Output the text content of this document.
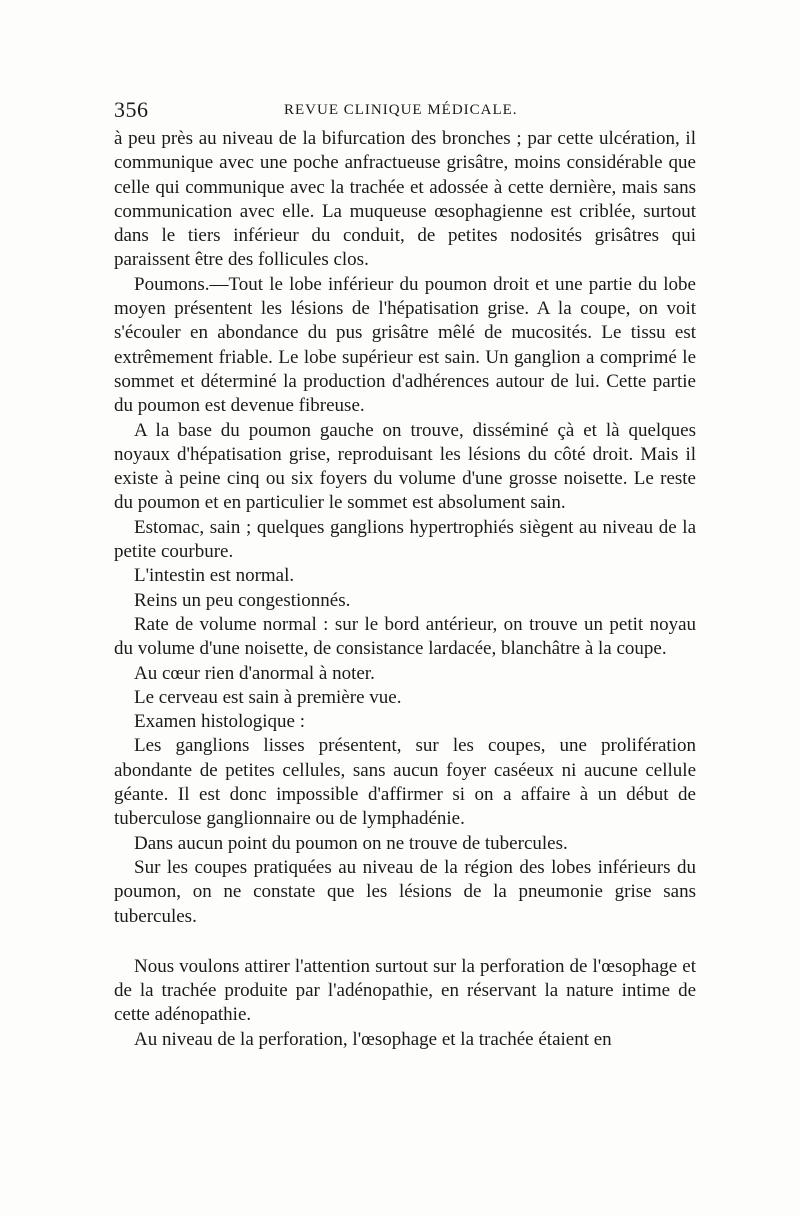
356	REVUE CLINIQUE MÉDICALE.

à peu près au niveau de la bifurcation des bronches ; par cette ulcération, il communique avec une poche anfractueuse grisâtre, moins considérable que celle qui communique avec la trachée et adossée à cette dernière, mais sans communication avec elle. La muqueuse œsophagienne est criblée, surtout dans le tiers inférieur du conduit, de petites nodosités grisâtres qui paraissent être des follicules clos.

Poumons.—Tout le lobe inférieur du poumon droit et une partie du lobe moyen présentent les lésions de l'hépatisation grise. A la coupe, on voit s'écouler en abondance du pus grisâtre mêlé de mucosités. Le tissu est extrêmement friable. Le lobe supérieur est sain. Un ganglion a comprimé le sommet et déterminé la production d'adhérences autour de lui. Cette partie du poumon est devenue fibreuse.

A la base du poumon gauche on trouve, disséminé çà et là quelques noyaux d'hépatisation grise, reproduisant les lésions du côté droit. Mais il existe à peine cinq ou six foyers du volume d'une grosse noisette. Le reste du poumon et en particulier le sommet est absolument sain.

Estomac, sain ; quelques ganglions hypertrophiés siègent au niveau de la petite courbure.

L'intestin est normal.

Reins un peu congestionnés.

Rate de volume normal : sur le bord antérieur, on trouve un petit noyau du volume d'une noisette, de consistance lardacée, blanchâtre à la coupe.

Au cœur rien d'anormal à noter.

Le cerveau est sain à première vue.

Examen histologique :

Les ganglions lisses présentent, sur les coupes, une prolifération abondante de petites cellules, sans aucun foyer caséeux ni aucune cellule géante. Il est donc impossible d'affirmer si on a affaire à un début de tuberculose ganglionnaire ou de lymphadénie.

Dans aucun point du poumon on ne trouve de tubercules.

Sur les coupes pratiquées au niveau de la région des lobes inférieurs du poumon, on ne constate que les lésions de la pneumonie grise sans tubercules.

Nous voulons attirer l'attention surtout sur la perforation de l'œsophage et de la trachée produite par l'adénopathie, en réservant la nature intime de cette adénopathie.

Au niveau de la perforation, l'œsophage et la trachée étaient en
